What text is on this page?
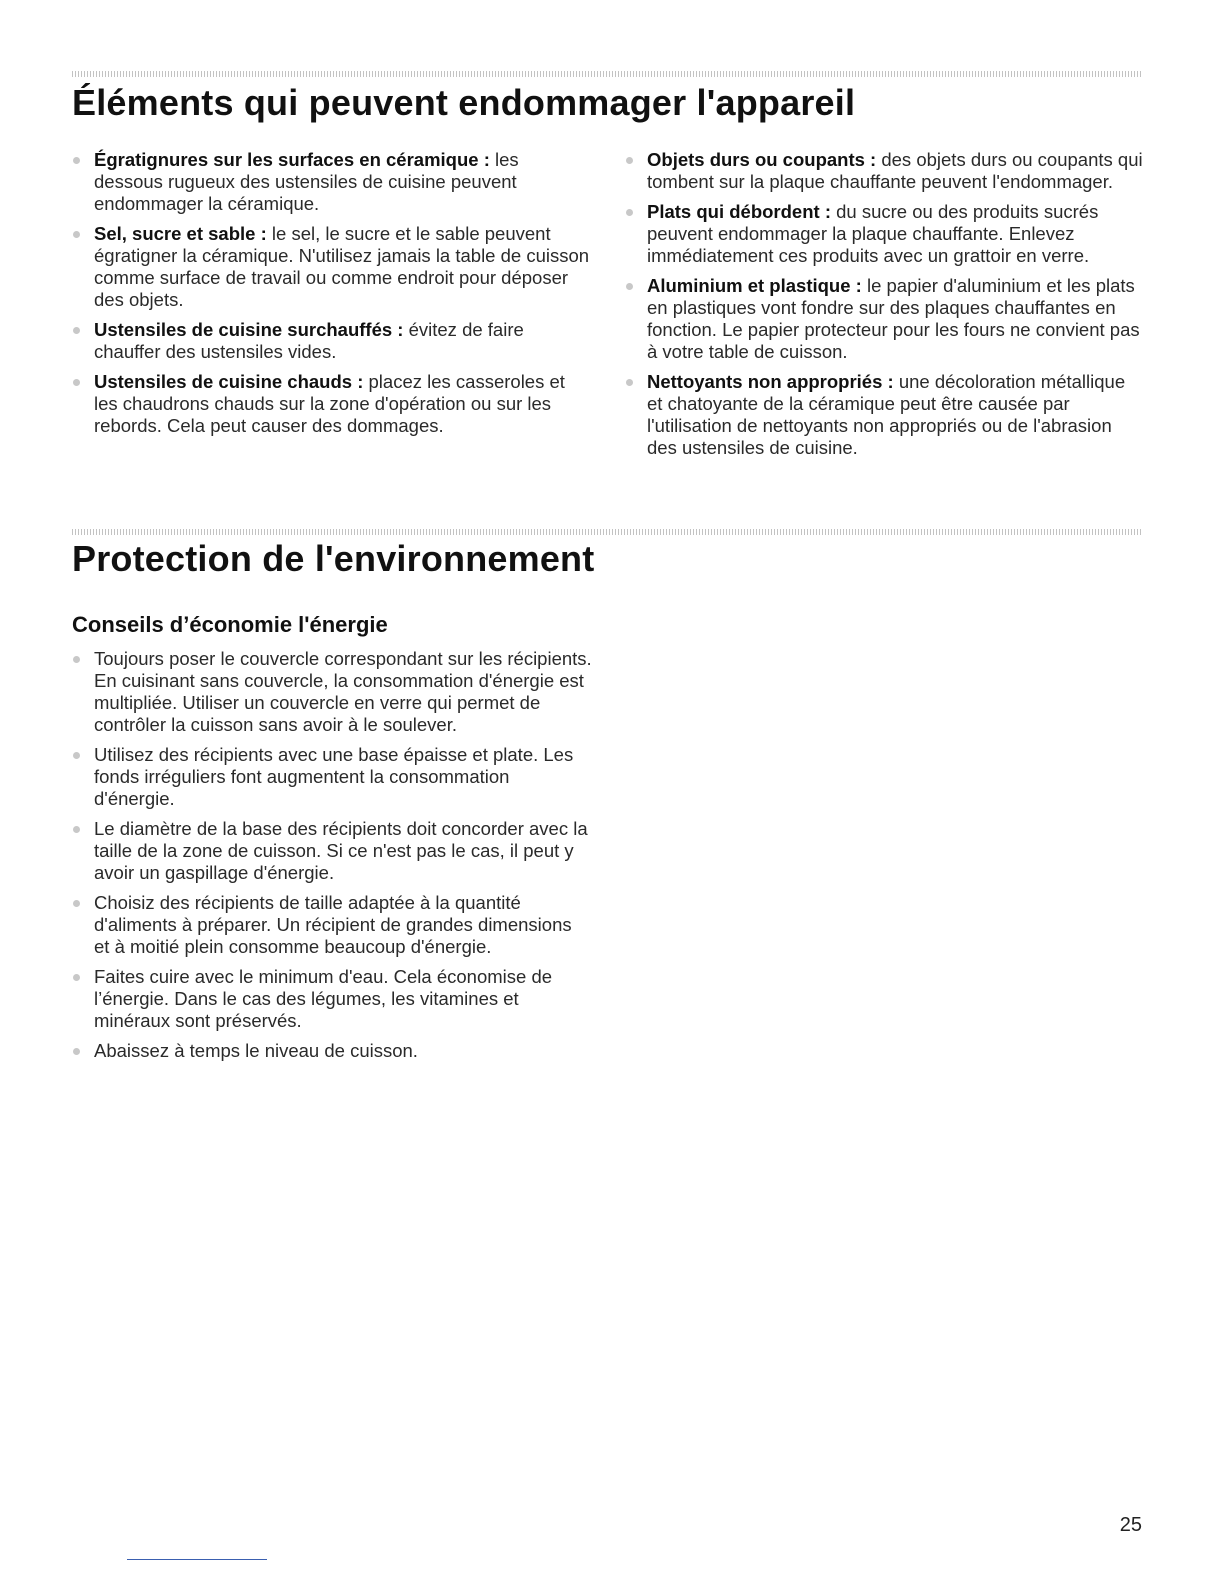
Éléments qui peuvent endommager l'appareil
Égratignures sur les surfaces en céramique : les dessous rugueux des ustensiles de cuisine peuvent endommager la céramique.
Sel, sucre et sable : le sel, le sucre et le sable peuvent égratigner la céramique. N'utilisez jamais la table de cuisson comme surface de travail ou comme endroit pour déposer des objets.
Ustensiles de cuisine surchauffés : évitez de faire chauffer des ustensiles vides.
Ustensiles de cuisine chauds : placez les casseroles et les chaudrons chauds sur la zone d'opération ou sur les rebords. Cela peut causer des dommages.
Objets durs ou coupants : des objets durs ou coupants qui tombent sur la plaque chauffante peuvent l'endommager.
Plats qui débordent : du sucre ou des produits sucrés peuvent endommager la plaque chauffante. Enlevez immédiatement ces produits avec un grattoir en verre.
Aluminium et plastique : le papier d'aluminium et les plats en plastiques vont fondre sur des plaques chauffantes en fonction. Le papier protecteur pour les fours ne convient pas à votre table de cuisson.
Nettoyants non appropriés : une décoloration métallique et chatoyante de la céramique peut être causée par l'utilisation de nettoyants non appropriés ou de l'abrasion des ustensiles de cuisine.
Protection de l'environnement
Conseils d’économie l'énergie
Toujours poser le couvercle correspondant sur les récipients. En cuisinant sans couvercle, la consommation d'énergie est multipliée. Utiliser un couvercle en verre qui permet de contrôler la cuisson sans avoir à le soulever.
Utilisez des récipients avec une base épaisse et plate. Les fonds irréguliers font augmentent la consommation d'énergie.
Le diamètre de la base des récipients doit concorder avec la taille de la zone de cuisson. Si ce n'est pas le cas, il peut y avoir un gaspillage d'énergie.
Choisiz des récipients de taille adaptée à la quantité d'aliments à préparer. Un récipient de grandes dimensions et à moitié plein consomme beaucoup d'énergie.
Faites cuire avec le minimum d'eau. Cela économise de l’énergie. Dans le cas des légumes, les vitamines et minéraux sont préservés.
Abaissez à temps le niveau de cuisson.
25
